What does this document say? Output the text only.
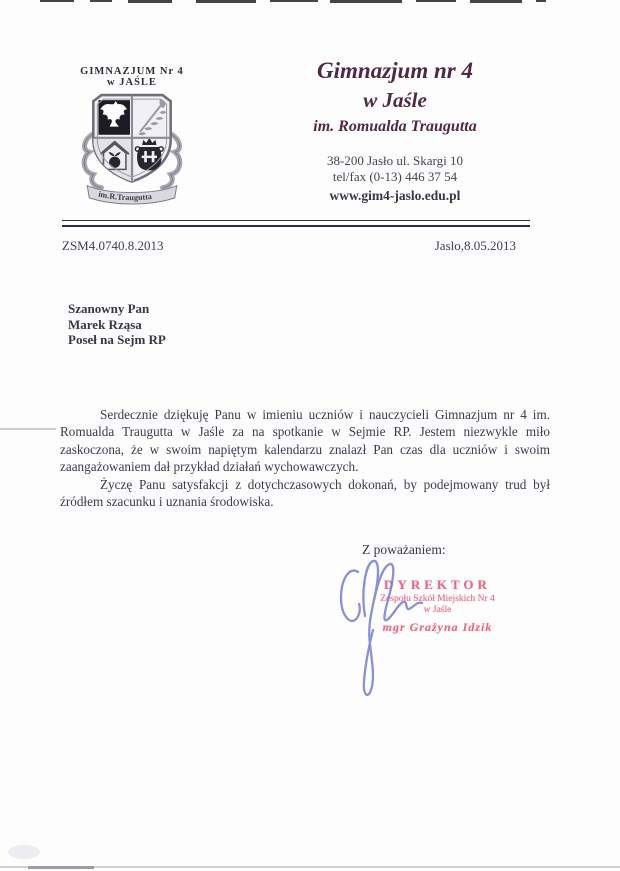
GIMNAZJUM Nr 4
w JAŚLE
im.R.Traugutta
Gimnazjum nr 4
w Jaśle
im. Romualda Traugutta
38-200 Jasło ul. Skargi 10
tel/fax (0-13) 446 37 54
www.gim4-jaslo.edu.pl
ZSM4.0740.8.2013	Jaslo,8.05.2013
Szanowny Pan
Marek Rząsa
Poseł na Sejm RP

Serdecznie dziękuję Panu w imieniu uczniów i nauczycieli Gimnazjum nr 4 im. Romualda Traugutta w Jaśle za na spotkanie w Sejmie RP. Jestem niezwykle miło zaskoczona, że w swoim napiętym kalendarzu znalazł Pan czas dla uczniów i swoim zaangażowaniem dał przykład działań wychowawczych.

Życzę Panu satysfakcji z dotychczasowych dokonań, by podejmowany trud był źródłem szacunku i uznania środowiska.

Z poważaniem:
DYREKTOR
Zespołu Szkół Miejskich Nr 4
w Jaśle
mgr Grażyna Idzik
